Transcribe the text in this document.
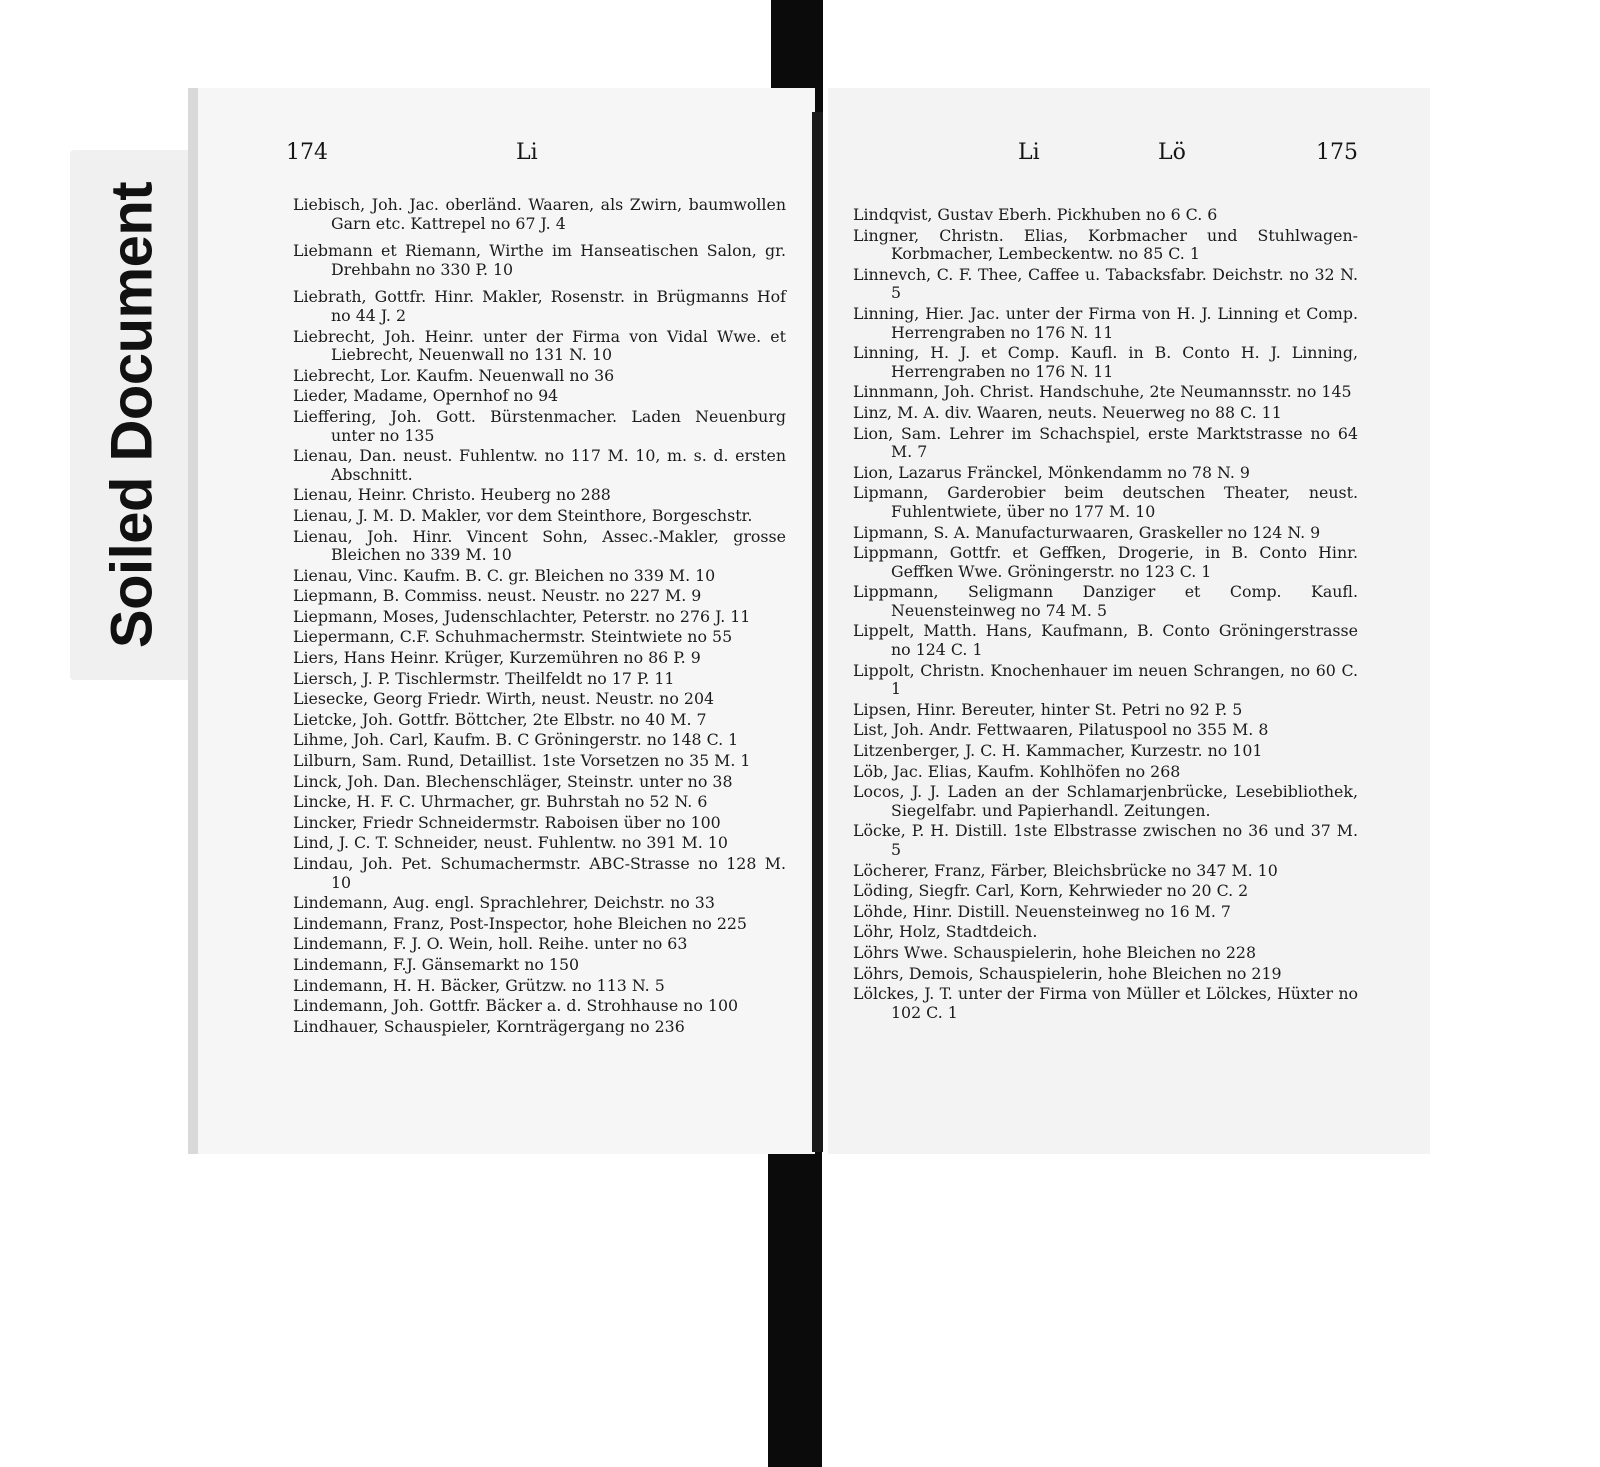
Soiled Document
174	Li

Liebisch, Joh. Jac. oberländ. Waaren, als Zwirn, baumwollen Garn etc. Kattrepel no 67 J. 4

Liebmann et Riemann, Wirthe im Hanseatischen Salon, gr. Drehbahn no 330 P. 10

Liebrath, Gottfr. Hinr. Makler, Rosenstr. in Brügmanns Hof no 44 J. 2

Liebrecht, Joh. Heinr. unter der Firma von Vidal Wwe. et Liebrecht, Neuenwall no 131 N. 10

Liebrecht, Lor. Kaufm. Neuenwall no 36

Lieder, Madame, Opernhof no 94

Lieffering, Joh. Gott. Bürstenmacher. Laden Neuenburg unter no 135

Lienau, Dan. neust. Fuhlentw. no 117 M. 10, m. s. d. ersten Abschnitt.

Lienau, Heinr. Christo. Heuberg no 288

Lienau, J. M. D. Makler, vor dem Steinthore, Borgeschstr.

Lienau, Joh. Hinr. Vincent Sohn, Assec.-Makler, grosse Bleichen no 339 M. 10

Lienau, Vinc. Kaufm. B. C. gr. Bleichen no 339 M. 10

Liepmann, B. Commiss. neust. Neustr. no 227 M. 9

Liepmann, Moses, Judenschlachter, Peterstr. no 276 J. 11

Liepermann, C.F. Schuhmachermstr. Steintwiete no 55

Liers, Hans Heinr. Krüger, Kurzemühren no 86 P. 9

Liersch, J. P. Tischlermstr. Theilfeldt no 17 P. 11

Liesecke, Georg Friedr. Wirth, neust. Neustr. no 204

Lietcke, Joh. Gottfr. Böttcher, 2te Elbstr. no 40 M. 7

Lihme, Joh. Carl, Kaufm. B. C Gröningerstr. no 148 C. 1

Lilburn, Sam. Rund, Detaillist. 1ste Vorsetzen no 35 M. 1

Linck, Joh. Dan. Blechenschläger, Steinstr. unter no 38

Lincke, H. F. C. Uhrmacher, gr. Buhrstah no 52 N. 6

Lincker, Friedr Schneidermstr. Raboisen über no 100

Lind, J. C. T. Schneider, neust. Fuhlentw. no 391 M. 10

Lindau, Joh. Pet. Schumachermstr. ABC-Strasse no 128 M. 10

Lindemann, Aug. engl. Sprachlehrer, Deichstr. no 33

Lindemann, Franz, Post-Inspector, hohe Bleichen no 225

Lindemann, F. J. O. Wein, holl. Reihe. unter no 63

Lindemann, F.J. Gänsemarkt no 150

Lindemann, H. H. Bäcker, Grützw. no 113 N. 5

Lindemann, Joh. Gottfr. Bäcker a. d. Strohhause no 100

Lindhauer, Schauspieler, Kornträgergang no 236

Li	Lö	175

Lindqvist, Gustav Eberh. Pickhuben no 6 C. 6

Lingner, Christn. Elias, Korbmacher und Stuhlwagen-Korbmacher, Lembeckentw. no 85 C. 1

Linnevch, C. F. Thee, Caffee u. Tabacksfabr. Deichstr. no 32 N. 5

Linning, Hier. Jac. unter der Firma von H. J. Linning et Comp. Herrengraben no 176 N. 11

Linning, H. J. et Comp. Kaufl. in B. Conto H. J. Linning, Herrengraben no 176 N. 11

Linnmann, Joh. Christ. Handschuhe, 2te Neumannsstr. no 145

Linz, M. A. div. Waaren, neuts. Neuerweg no 88 C. 11

Lion, Sam. Lehrer im Schachspiel, erste Marktstrasse no 64 M. 7

Lion, Lazarus Fränckel, Mönkendamm no 78 N. 9

Lipmann, Garderobier beim deutschen Theater, neust. Fuhlentwiete, über no 177 M. 10

Lipmann, S. A. Manufacturwaaren, Graskeller no 124 N. 9

Lippmann, Gottfr. et Geffken, Drogerie, in B. Conto Hinr. Geffken Wwe. Gröningerstr. no 123 C. 1

Lippmann, Seligmann Danziger et Comp. Kaufl. Neuensteinweg no 74 M. 5

Lippelt, Matth. Hans, Kaufmann, B. Conto Gröningerstrasse no 124 C. 1

Lippolt, Christn. Knochenhauer im neuen Schrangen, no 60 C. 1

Lipsen, Hinr. Bereuter, hinter St. Petri no 92 P. 5

List, Joh. Andr. Fettwaaren, Pilatuspool no 355 M. 8

Litzenberger, J. C. H. Kammacher, Kurzestr. no 101

Löb, Jac. Elias, Kaufm. Kohlhöfen no 268

Locos, J. J. Laden an der Schlamarjenbrücke, Lesebibliothek, Siegelfabr. und Papierhandl. Zeitungen.

Löcke, P. H. Distill. 1ste Elbstrasse zwischen no 36 und 37 M. 5

Löcherer, Franz, Färber, Bleichsbrücke no 347 M. 10

Löding, Siegfr. Carl, Korn, Kehrwieder no 20 C. 2

Löhde, Hinr. Distill. Neuensteinweg no 16 M. 7

Löhr, Holz, Stadtdeich.

Löhrs Wwe. Schauspielerin, hohe Bleichen no 228

Löhrs, Demois, Schauspielerin, hohe Bleichen no 219

Lölckes, J. T. unter der Firma von Müller et Lölckes, Hüxter no 102 C. 1
